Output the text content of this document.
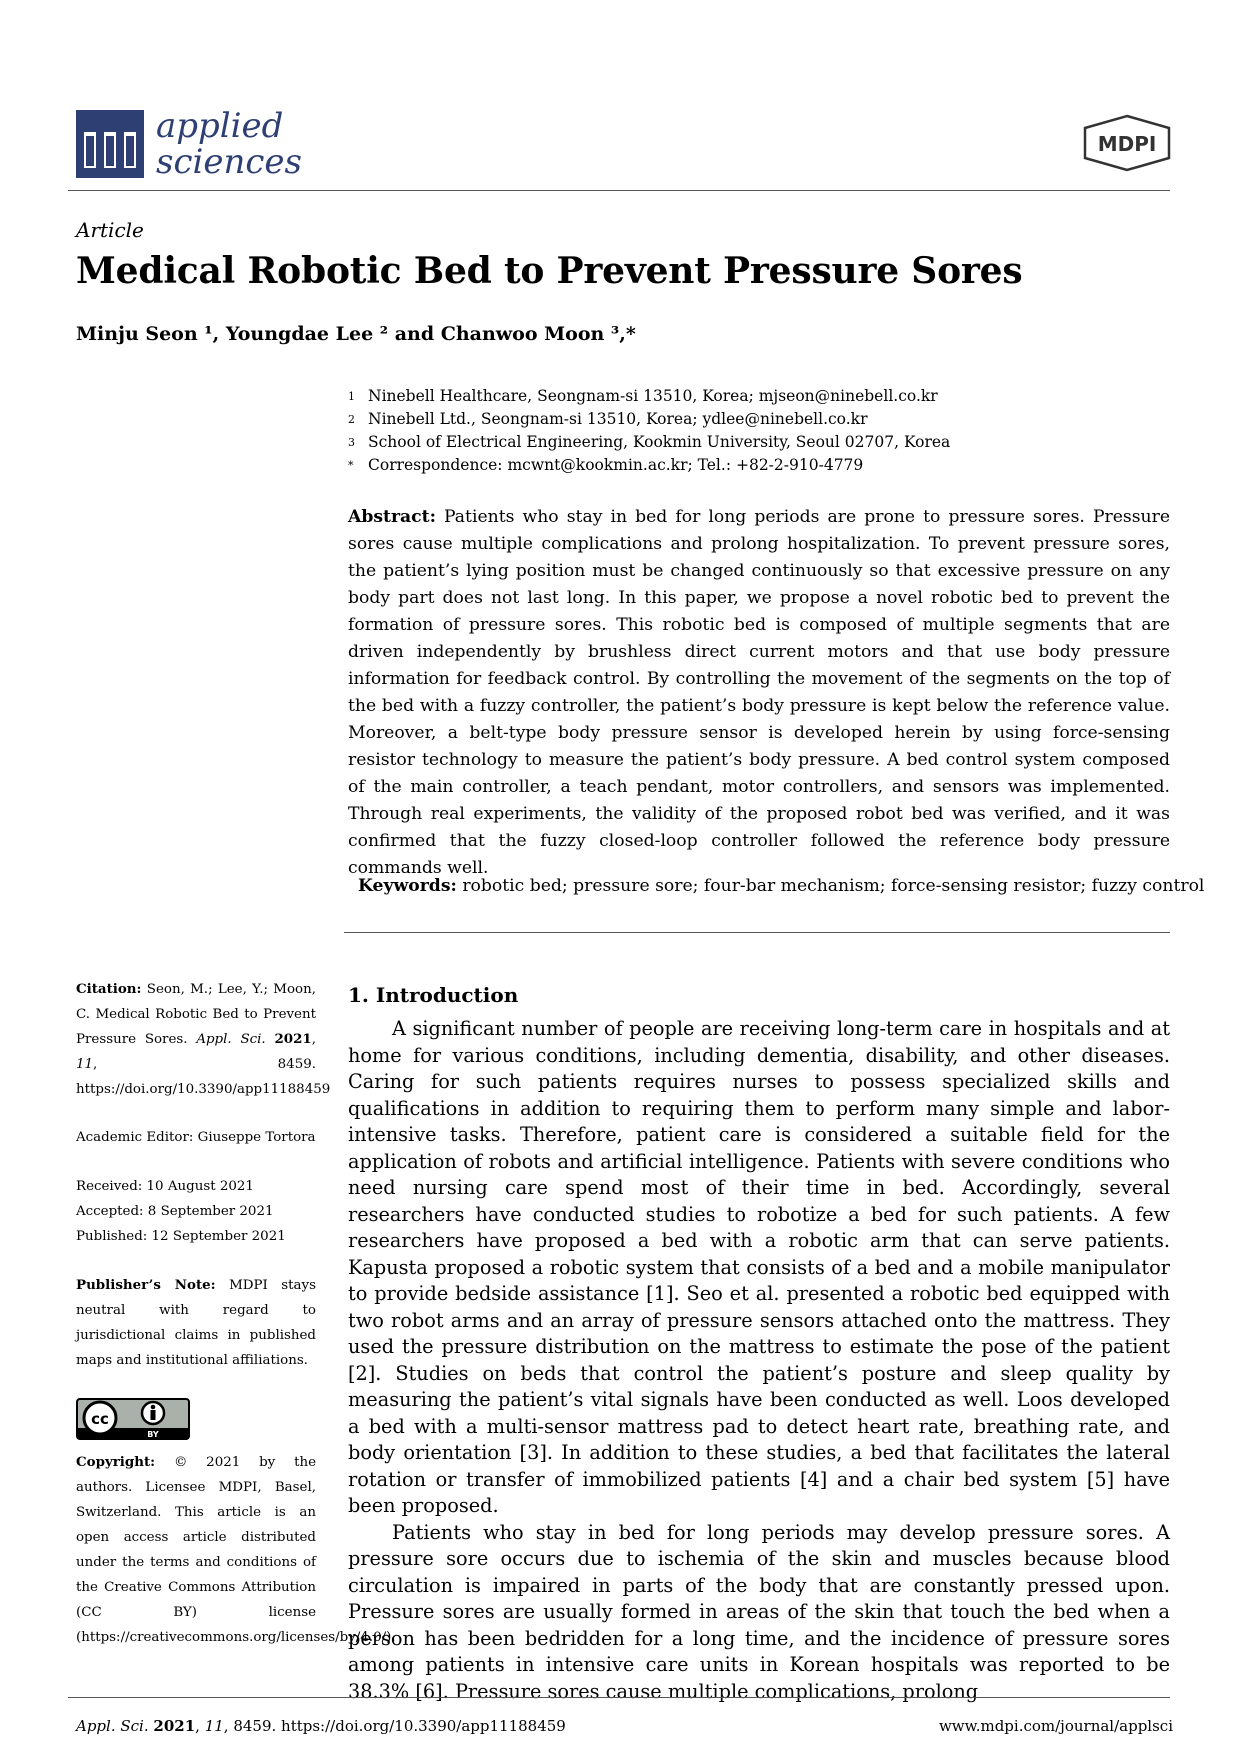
applied
sciences	MDPI
Article
Medical Robotic Bed to Prevent Pressure Sores
Minju Seon ¹, Youngdae Lee ² and Chanwoo Moon ³,*
1 Ninebell Healthcare, Seongnam-si 13510, Korea; mjseon@ninebell.co.kr
2 Ninebell Ltd., Seongnam-si 13510, Korea; ydlee@ninebell.co.kr
3 School of Electrical Engineering, Kookmin University, Seoul 02707, Korea
* Correspondence: mcwnt@kookmin.ac.kr; Tel.: +82-2-910-4779
Abstract: Patients who stay in bed for long periods are prone to pressure sores. Pressure sores cause multiple complications and prolong hospitalization. To prevent pressure sores, the patient’s lying position must be changed continuously so that excessive pressure on any body part does not last long. In this paper, we propose a novel robotic bed to prevent the formation of pressure sores. This robotic bed is composed of multiple segments that are driven independently by brushless direct current motors and that use body pressure information for feedback control. By controlling the movement of the segments on the top of the bed with a fuzzy controller, the patient’s body pressure is kept below the reference value. Moreover, a belt-type body pressure sensor is developed herein by using force-sensing resistor technology to measure the patient’s body pressure. A bed control system composed of the main controller, a teach pendant, motor controllers, and sensors was implemented. Through real experiments, the validity of the proposed robot bed was verified, and it was confirmed that the fuzzy closed-loop controller followed the reference body pressure commands well.
Keywords: robotic bed; pressure sore; four-bar mechanism; force-sensing resistor; fuzzy control
Citation: Seon, M.; Lee, Y.; Moon, C. Medical Robotic Bed to Prevent Pressure Sores. Appl. Sci. 2021, 11, 8459. https://doi.org/10.3390/app11188459
Academic Editor: Giuseppe Tortora
Received: 10 August 2021
Accepted: 8 September 2021
Published: 12 September 2021
Publisher’s Note: MDPI stays neutral with regard to jurisdictional claims in published maps and institutional affiliations.
cc
BY
Copyright: © 2021 by the authors. Licensee MDPI, Basel, Switzerland. This article is an open access article distributed under the terms and conditions of the Creative Commons Attribution (CC BY) license (https://creativecommons.org/licenses/by/4.0/).
1. Introduction

A significant number of people are receiving long-term care in hospitals and at home for various conditions, including dementia, disability, and other diseases. Caring for such patients requires nurses to possess specialized skills and qualifications in addition to requiring them to perform many simple and labor-intensive tasks. Therefore, patient care is considered a suitable field for the application of robots and artificial intelligence. Patients with severe conditions who need nursing care spend most of their time in bed. Accordingly, several researchers have conducted studies to robotize a bed for such patients. A few researchers have proposed a bed with a robotic arm that can serve patients. Kapusta proposed a robotic system that consists of a bed and a mobile manipulator to provide bedside assistance [1]. Seo et al. presented a robotic bed equipped with two robot arms and an array of pressure sensors attached onto the mattress. They used the pressure distribution on the mattress to estimate the pose of the patient [2]. Studies on beds that control the patient’s posture and sleep quality by measuring the patient’s vital signals have been conducted as well. Loos developed a bed with a multi-sensor mattress pad to detect heart rate, breathing rate, and body orientation [3]. In addition to these studies, a bed that facilitates the lateral rotation or transfer of immobilized patients [4] and a chair bed system [5] have been proposed.

Patients who stay in bed for long periods may develop pressure sores. A pressure sore occurs due to ischemia of the skin and muscles because blood circulation is impaired in parts of the body that are constantly pressed upon. Pressure sores are usually formed in areas of the skin that touch the bed when a person has been bedridden for a long time, and the incidence of pressure sores among patients in intensive care units in Korean hospitals was reported to be 38.3% [6]. Pressure sores cause multiple complications, prolong

Appl. Sci. 2021, 11, 8459. https://doi.org/10.3390/app11188459	www.mdpi.com/journal/applsci
